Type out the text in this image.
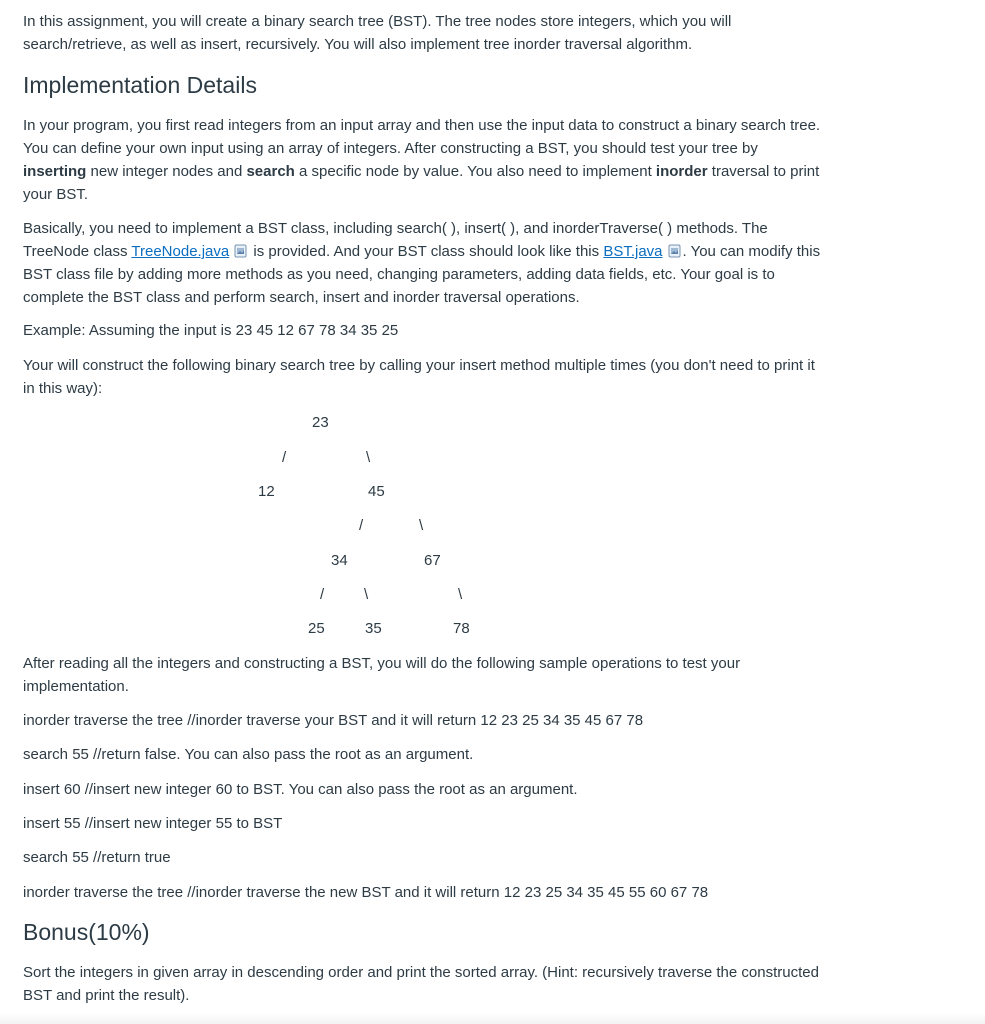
In this assignment, you will create a binary search tree (BST). The tree nodes store integers, which you will search/retrieve, as well as insert, recursively. You will also implement tree inorder traversal algorithm.

Implementation Details

In your program, you first read integers from an input array and then use the input data to construct a binary search tree. You can define your own input using an array of integers. After constructing a BST, you should test your tree by inserting new integer nodes and search a specific node by value. You also need to implement inorder traversal to print your BST.

Basically, you need to implement a BST class, including search( ), insert( ), and inorderTraverse( ) methods. The TreeNode class TreeNode.java is provided. And your BST class should look like this BST.java . You can modify this BST class file by adding more methods as you need, changing parameters, adding data fields, etc. Your goal is to complete the BST class and perform search, insert and inorder traversal operations.

Example: Assuming the input is 23 45 12 67 78 34 35 25

Your will construct the following binary search tree by calling your insert method multiple times (you don't need to print it in this way):

23
/	\
12	45
/	\
34	67
/	\	\
25	35	78

After reading all the integers and constructing a BST, you will do the following sample operations to test your implementation.

inorder traverse the tree //inorder traverse your BST and it will return 12 23 25 34 35 45 67 78

search 55 //return false. You can also pass the root as an argument.

insert 60 //insert new integer 60 to BST. You can also pass the root as an argument.

insert 55 //insert new integer 55 to BST

search 55 //return true

inorder traverse the tree //inorder traverse the new BST and it will return 12 23 25 34 35 45 55 60 67 78

Bonus(10%)

Sort the integers in given array in descending order and print the sorted array. (Hint: recursively traverse the constructed BST and print the result).
